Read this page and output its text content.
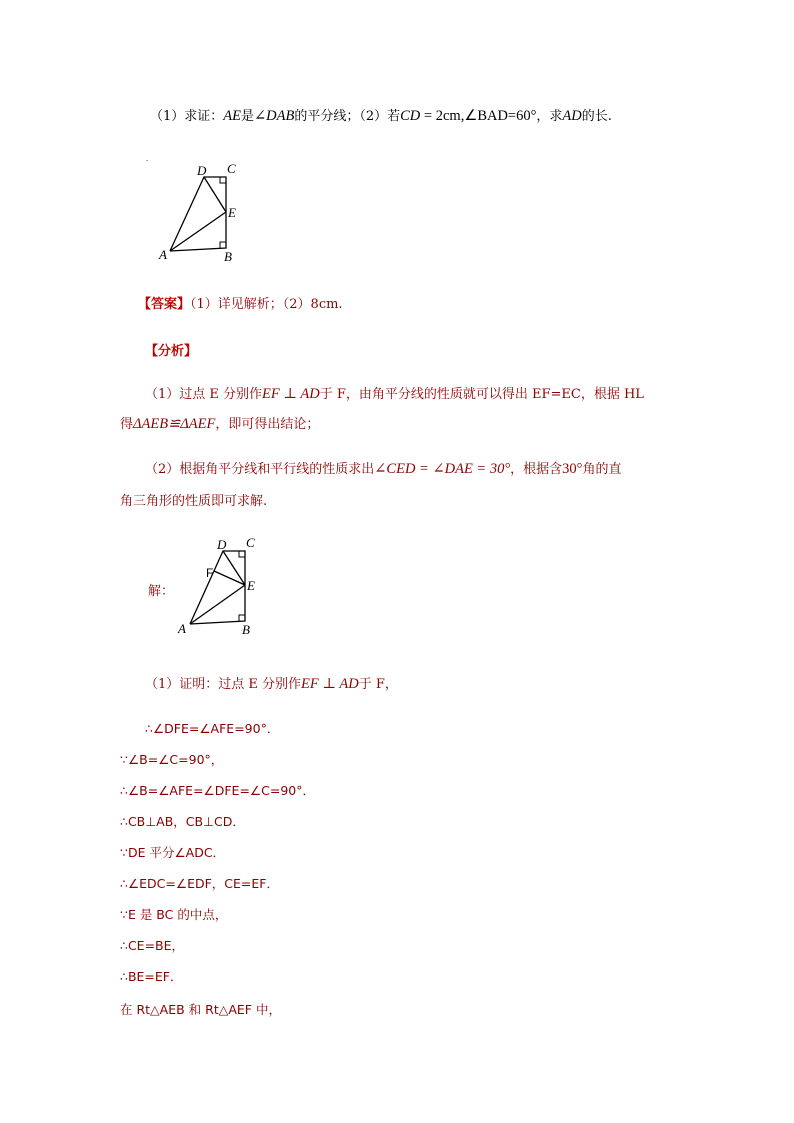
（1）求证：AE是∠DAB的平分线；（2）若CD = 2cm,∠BAD=60°，求AD的长.
.
D C
E
A	B
【答案】（1）详见解析；（2）8cm.
【分析】
（1）过点 E 分别作EF ⊥ AD于 F，由角平分线的性质就可以得出 EF=EC，根据 HL
得ΔAEB≌ΔAEF，即可得出结论；
（2）根据角平分线和平行线的性质求出∠CED = ∠DAE = 30°，根据含30°角的直
角三角形的性质即可求解.
解：
D C
F
E
A	B
（1）证明：过点 E 分别作EF ⊥ AD于 F，
∴∠DFE=∠AFE=90°．
∵∠B=∠C=90°，
∴∠B=∠AFE=∠DFE=∠C=90°．
∴CB⊥AB，CB⊥CD．
∵DE 平分∠ADC．
∴∠EDC=∠EDF，CE=EF．
∵E 是 BC 的中点，
∴CE=BE，
∴BE=EF．
在 Rt△AEB 和 Rt△AEF 中，
